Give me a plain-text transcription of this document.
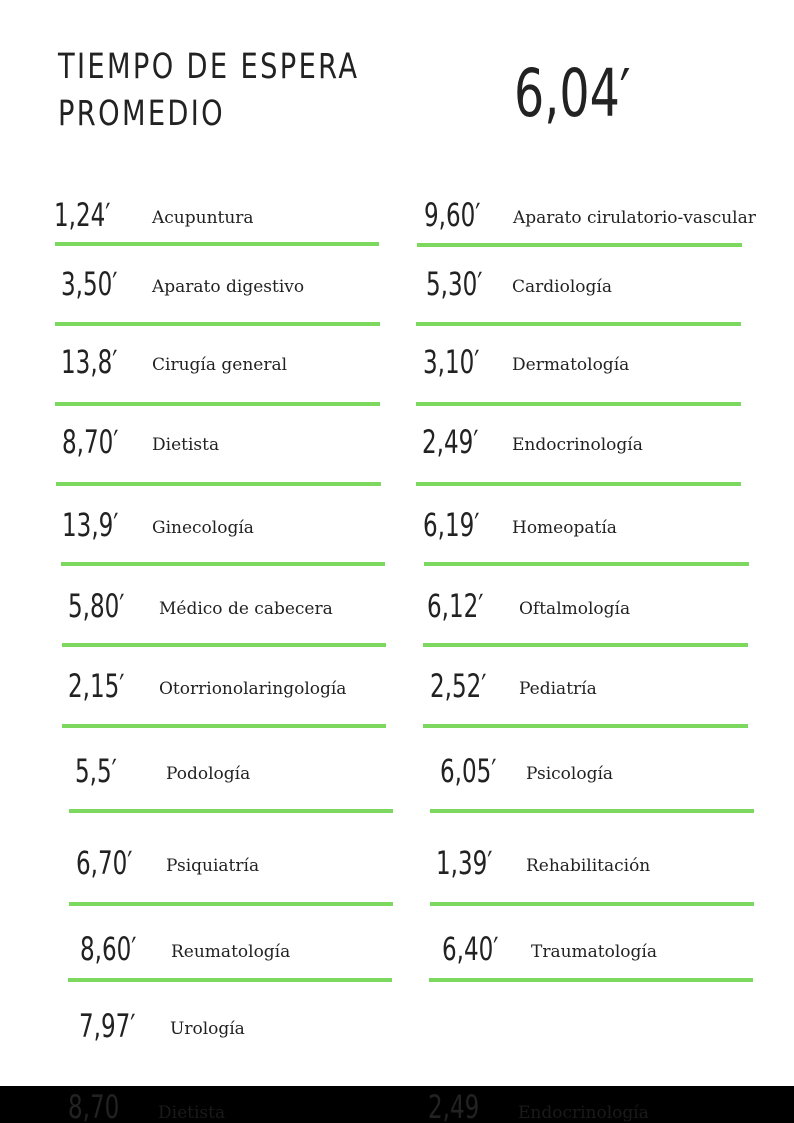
TIEMPO DE ESPERA
PROMEDIO	6,04′
1,24′ Acupuntura
3,50′ Aparato digestivo
13,8′ Cirugía general
8,70′ Dietista
13,9′ Ginecología
5,80′ Médico de cabecera
2,15′ Otorrionolaringología
5,5′	Podología
6,70′ Psiquiatría
8,60′ Reumatología
7,97′ Urología
9,60′ Aparato cirulatorio-vascular
5,30′ Cardiología
3,10′ Dermatología
2,49′ Endocrinología
6,19′ Homeopatía
6,12′ Oftalmología
2,52′ Pediatría
6,05′ Psicología
1,39′ Rehabilitación
6,40′ Traumatología
8,70 Dietista	2,49 Endocrinología
